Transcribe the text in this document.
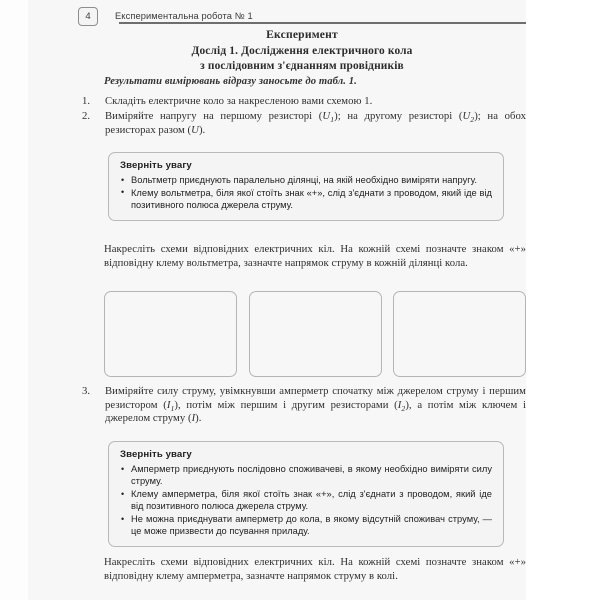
4	Експериментальна робота № 1
Експеримент
Дослід 1. Дослідження електричного кола
з послідовним з'єднанням провідників
Результати вимірювань відразу заносьте до табл. 1.
1.	Складіть електричне коло за накресленою вами схемою 1.
2.	Виміряйте напругу на першому резисторі $(U_1)$; на другому резисторі $(U_2)$; на обох резисторах разом (U).
Зверніть увагу
• Вольтметр приєднують паралельно ділянці, на якій необхідно виміряти напругу.
• Клему вольтметра, біля якої стоїть знак «+», слід з'єднати з проводом, який іде від позитивного полюса джерела струму.
Накресліть схеми відповідних електричних кіл. На кожній схемі позначте знаком «+» відповідну клему вольтметра, зазначте напрямок струму в кожній ділянці кола.
3.	Виміряйте силу струму, увімкнувши амперметр спочатку між джерелом струму і першим резистором $(I_1)$, потім між першим і другим резисторами $(I_2)$, а потім між ключем і джерелом струму (I).
Зверніть увагу
• Амперметр приєднують послідовно споживачеві, в якому необхідно виміряти силу струму.
• Клему амперметра, біля якої стоїть знак «+», слід з'єднати з проводом, який іде від позитивного полюса джерела струму.
• Не можна приєднувати амперметр до кола, в якому відсутній споживач струму, — це може призвести до псування приладу.
Накресліть схеми відповідних електричних кіл. На кожній схемі позначте знаком «+» відповідну клему амперметра, зазначте напрямок струму в колі.
